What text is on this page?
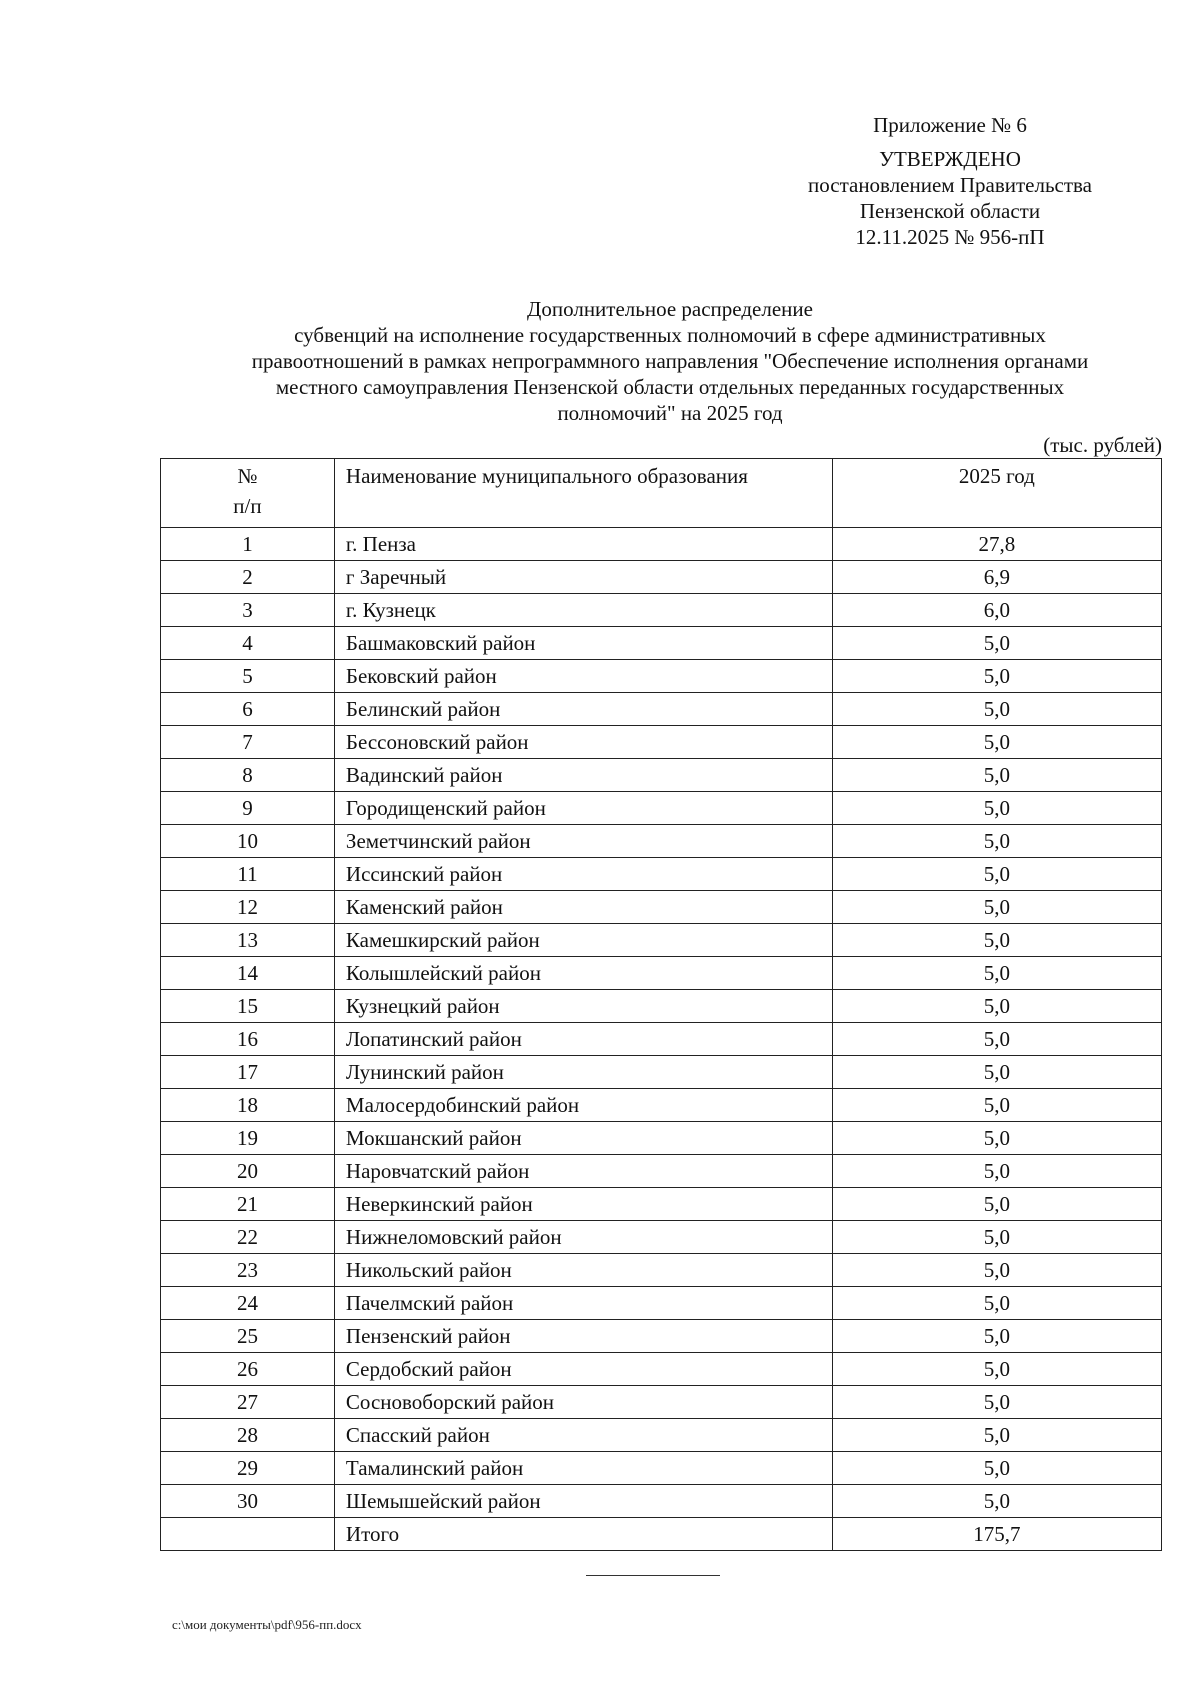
Приложение № 6
УТВЕРЖДЕНО
постановлением Правительства
Пензенской области
12.11.2025 № 956-пП
Дополнительное распределение
субвенций на исполнение государственных полномочий в сфере административных
правоотношений в рамках непрограммного направления "Обеспечение исполнения органами
местного самоуправления Пензенской области отдельных переданных государственных
полномочий" на 2025 год
(тыс. рублей)
№
п/п	Наименование муниципального образования	2025 год
1	г. Пенза	27,8
2	г Заречный	6,9
3	г. Кузнецк	6,0
4	Башмаковский район	5,0
5	Бековский район	5,0
6	Белинский район	5,0
7	Бессоновский район	5,0
8	Вадинский район	5,0
9	Городищенский район	5,0
10	Земетчинский район	5,0
11	Иссинский район	5,0
12	Каменский район	5,0
13	Камешкирский район	5,0
14	Колышлейский район	5,0
15	Кузнецкий район	5,0
16	Лопатинский район	5,0
17	Лунинский район	5,0
18	Малосердобинский район	5,0
19	Мокшанский район	5,0
20	Наровчатский район	5,0
21	Неверкинский район	5,0
22	Нижнеломовский район	5,0
23	Никольский район	5,0
24	Пачелмский район	5,0
25	Пензенский район	5,0
26	Сердобский район	5,0
27	Сосновоборский район	5,0
28	Спасский район	5,0
29	Тамалинский район	5,0
30	Шемышейский район	5,0
	Итого	175,7
c:\мои документы\pdf\956-пп.docx
